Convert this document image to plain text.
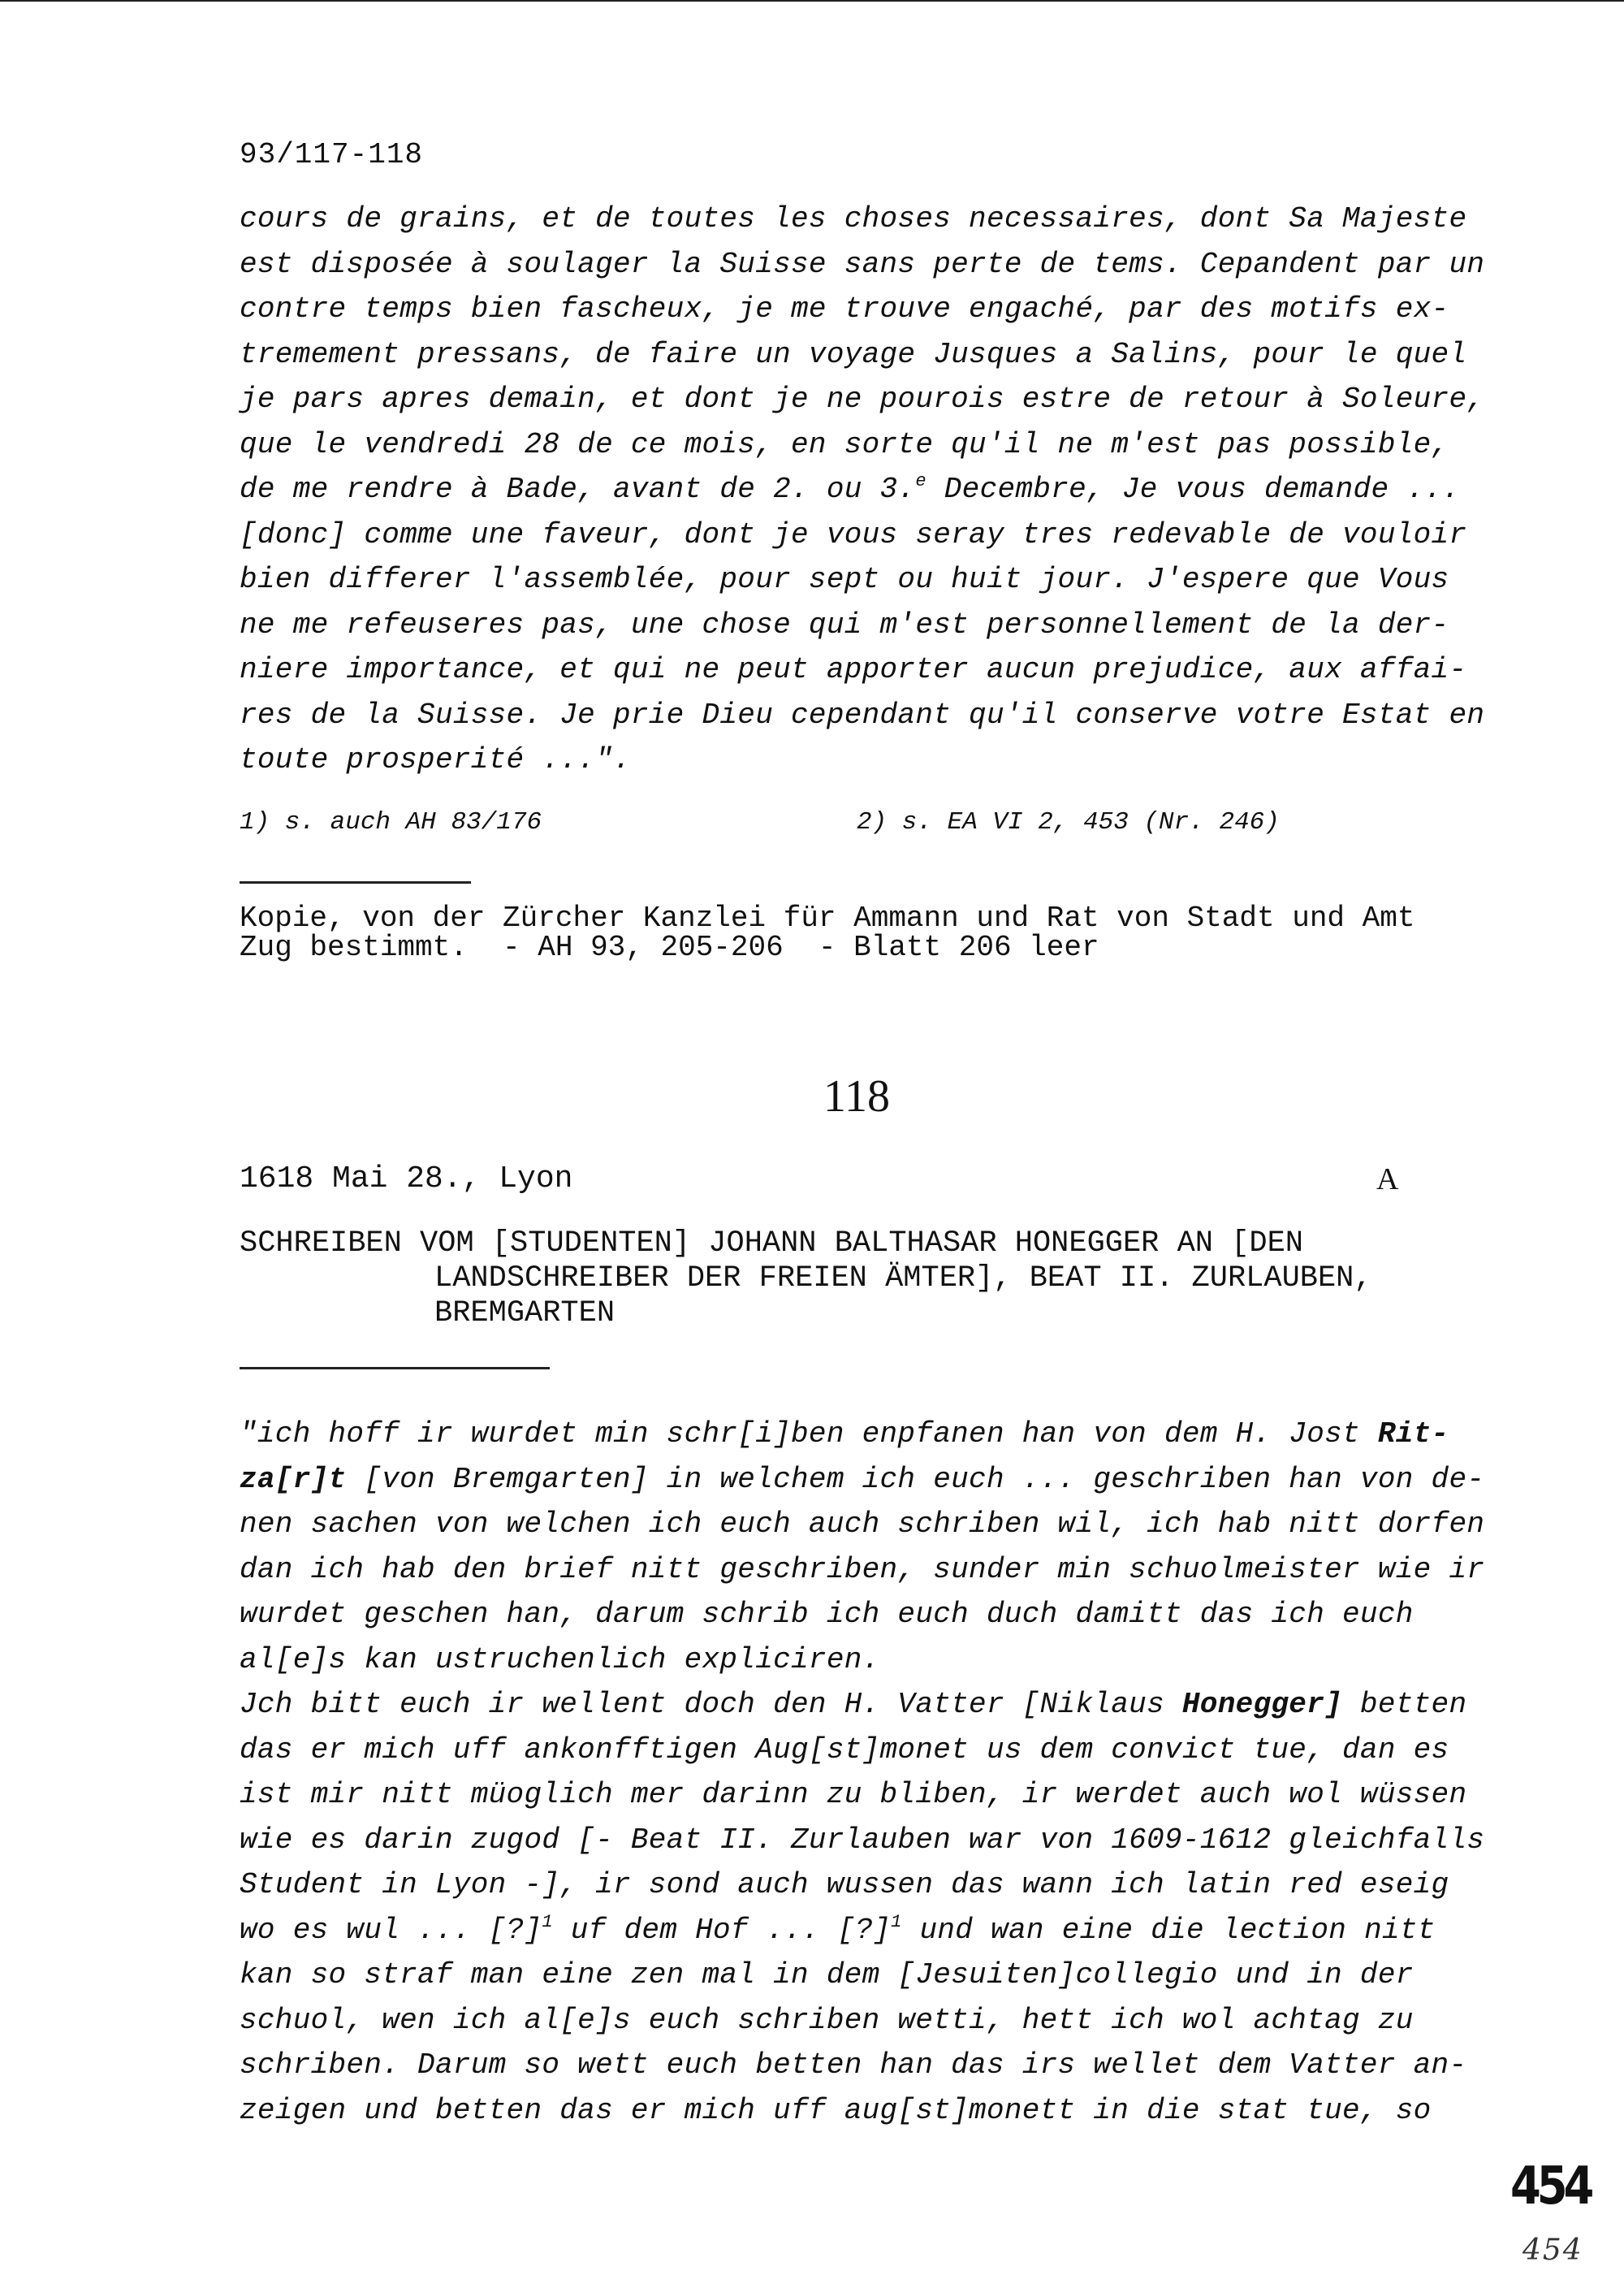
93/117-118
cours de grains, et de toutes les choses necessaires, dont Sa Majeste
est disposée à soulager la Suisse sans perte de tems. Cepandent par un
contre temps bien fascheux, je me trouve engaché, par des motifs ex-
tremement pressans, de faire un voyage Jusques a Salins, pour le quel
je pars apres demain, et dont je ne pourois estre de retour à Soleure,
que le vendredi 28 de ce mois, en sorte qu'il ne m'est pas possible,
de me rendre à Bade, avant de 2. ou 3.$^e$ Decembre, Je vous demande ...
[donc] comme une faveur, dont je vous seray tres redevable de vouloir
bien differer l'assemblée, pour sept ou huit jour. J'espere que Vous
ne me refeuseres pas, une chose qui m'est personnellement de la der-
niere importance, et qui ne peut apporter aucun prejudice, aux affai-
res de la Suisse. Je prie Dieu cependant qu'il conserve votre Estat en
toute prosperité ...".
1) s. auch AH 83/176	2) s. EA VI 2, 453 (Nr. 246)
Kopie, von der Zürcher Kanzlei für Ammann und Rat von Stadt und Amt
Zug bestimmt.  - AH 93, 205-206  - Blatt 206 leer
118
1618 Mai 28., Lyon	A
SCHREIBEN VOM [STUDENTEN] JOHANN BALTHASAR HONEGGER AN [DEN
LANDSCHREIBER DER FREIEN ÄMTER], BEAT II. ZURLAUBEN,
BREMGARTEN
"ich hoff ir wurdet min schr[i]ben enpfanen han von dem H. Jost Rit-
za[r]t [von Bremgarten] in welchem ich euch ... geschriben han von de-
nen sachen von welchen ich euch auch schriben wil, ich hab nitt dorfen
dan ich hab den brief nitt geschriben, sunder min schuolmeister wie ir
wurdet geschen han, darum schrib ich euch duch damitt das ich euch
al[e]s kan ustruchenlich expliciren.
Jch bitt euch ir wellent doch den H. Vatter [Niklaus Honegger] betten
das er mich uff ankonfftigen Aug[st]monet us dem convict tue, dan es
ist mir nitt müoglich mer darinn zu bliben, ir werdet auch wol wüssen
wie es darin zugod [- Beat II. Zurlauben war von 1609-1612 gleichfalls
Student in Lyon -], ir sond auch wussen das wann ich latin red eseig
wo es wul ... [?]$^1$ uf dem Hof ... [?]$^1$ und wan eine die lection nitt
kan so straf man eine zen mal in dem [Jesuiten]collegio und in der
schuol, wen ich al[e]s euch schriben wetti, hett ich wol achtag zu
schriben. Darum so wett euch betten han das irs wellet dem Vatter an-
zeigen und betten das er mich uff aug[st]monett in die stat tue, so
454
454
